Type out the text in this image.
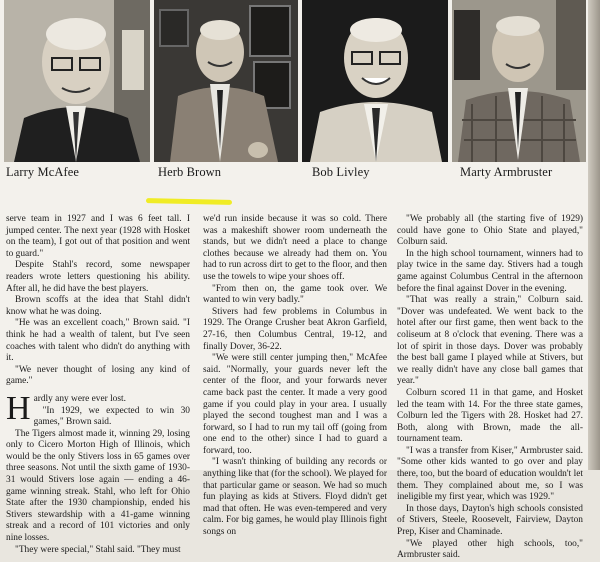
Larry McAfee	Herb Brown	Bob Livley	Marty Armbruster

serve team in 1927 and I was 6 feet tall. I jumped center. The next year (1928 with Hosket on the team), I got out of that position and went to guard."

Despite Stahl's record, some newspaper readers wrote letters questioning his ability. After all, he did have the best players.

Brown scoffs at the idea that Stahl didn't know what he was doing.

"He was an excellent coach," Brown said. "I think he had a wealth of talent, but I've seen coaches with talent who didn't do anything with it.

"We never thought of losing any kind of game."

Hardly any were ever lost.

"In 1929, we expected to win 30 games," Brown said.

The Tigers almost made it, winning 29, losing only to Cicero Morton High of Illinois, which would be the only Stivers loss in 65 games over three seasons. Not until the sixth game of 1930-31 would Stivers lose again — ending a 46-game winning streak. Stahl, who left for Ohio State after the 1930 championship, ended his Stivers stewardship with a 41-game winning streak and a record of 101 victories and only nine losses.

"They were special," Stahl said. "They must

we'd run inside because it was so cold. There was a makeshift shower room underneath the stands, but we didn't need a place to change clothes because we already had them on. You had to run across dirt to get to the floor, and then use the towels to wipe your shoes off.

"From then on, the game took over. We wanted to win very badly."

Stivers had few problems in Columbus in 1929. The Orange Crusher beat Akron Garfield, 27-16, then Columbus Central, 19-12, and finally Dover, 36-22.

"We were still center jumping then," McAfee said. "Normally, your guards never left the center of the floor, and your forwards never came back past the center. It made a very good game if you could play in your area. I usually played the second toughest man and I was a forward, so I had to run my tail off (going from one end to the other) since I had to guard a forward, too.

"I wasn't thinking of building any records or anything like that (for the school). We played for that particular game or season. We had so much fun playing as kids at Stivers. Floyd didn't get mad that often. He was even-tempered and very calm. For big games, he would play Illinois fight songs on

"We probably all (the starting five of 1929) could have gone to Ohio State and played," Colburn said.

In the high school tournament, winners had to play twice in the same day. Stivers had a tough game against Columbus Central in the afternoon before the final against Dover in the evening.

"That was really a strain," Colburn said. "Dover was undefeated. We went back to the hotel after our first game, then went back to the coliseum at 8 o'clock that evening. There was a lot of spirit in those days. Dover was probably the best ball game I played while at Stivers, but we really didn't have any close ball games that year."

Colburn scored 11 in that game, and Hosket led the team with 14. For the three state games, Colburn led the Tigers with 28. Hosket had 27. Both, along with Brown, made the all-tournament team.

"I was a transfer from Kiser," Armbruster said. "Some other kids wanted to go over and play there, too, but the board of education wouldn't let them. They complained about me, so I was ineligible my first year, which was 1929."

In those days, Dayton's high schools consisted of Stivers, Steele, Roosevelt, Fairview, Dayton Prep, Kiser and Chaminade.

"We played other high schools, too," Armbruster said.
